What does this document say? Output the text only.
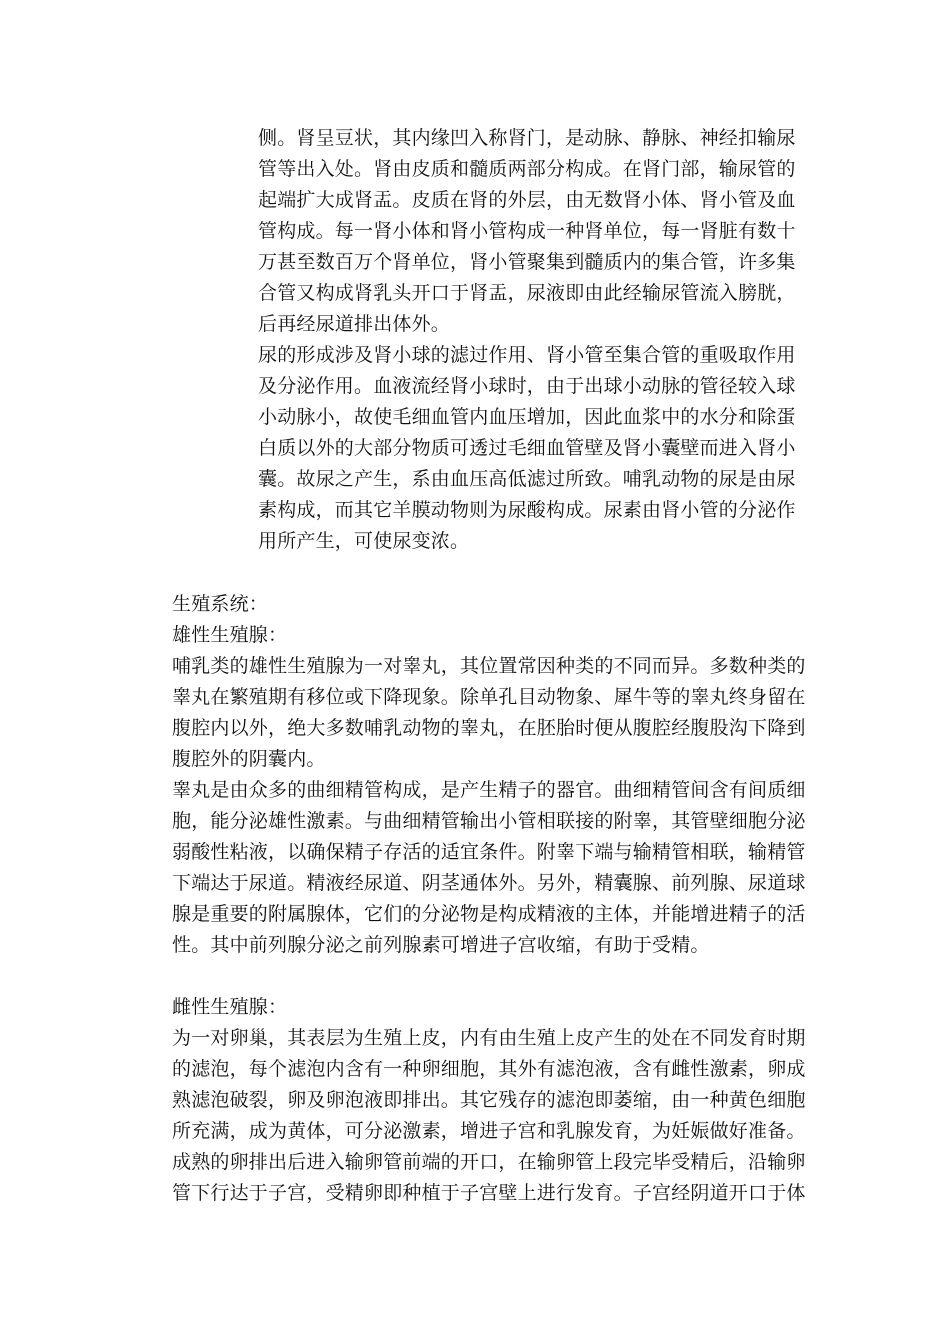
侧。肾呈豆状，其内缘凹入称肾门，是动脉、静脉、神经扣输尿
管等出入处。肾由皮质和髓质两部分构成。在肾门部，输尿管的
起端扩大成肾盂。皮质在肾的外层，由无数肾小体、肾小管及血
管构成。每一肾小体和肾小管构成一种肾单位，每一肾脏有数十
万甚至数百万个肾单位，肾小管聚集到髓质内的集合管，许多集
合管又构成肾乳头开口于肾盂，尿液即由此经输尿管流入膀胱，
后再经尿道排出体外。
尿的形成涉及肾小球的滤过作用、肾小管至集合管的重吸取作用
及分泌作用。血液流经肾小球时，由于出球小动脉的管径较入球
小动脉小，故使毛细血管内血压增加，因此血浆中的水分和除蛋
白质以外的大部分物质可透过毛细血管壁及肾小囊壁而进入肾小
囊。故尿之产生，系由血压高低滤过所致。哺乳动物的尿是由尿
素构成，而其它羊膜动物则为尿酸构成。尿素由肾小管的分泌作
用所产生，可使尿变浓。
生殖系统：
雄性生殖腺：
哺乳类的雄性生殖腺为一对睾丸，其位置常因种类的不同而异。多数种类的
睾丸在繁殖期有移位或下降现象。除单孔目动物象、犀牛等的睾丸终身留在
腹腔内以外，绝大多数哺乳动物的睾丸，在胚胎时便从腹腔经腹股沟下降到
腹腔外的阴囊内。
睾丸是由众多的曲细精管构成，是产生精子的器官。曲细精管间含有间质细
胞，能分泌雄性激素。与曲细精管输出小管相联接的附睾，其管壁细胞分泌
弱酸性粘液，以确保精子存活的适宜条件。附睾下端与输精管相联，输精管
下端达于尿道。精液经尿道、阴茎通体外。另外，精囊腺、前列腺、尿道球
腺是重要的附属腺体，它们的分泌物是构成精液的主体，并能增进精子的活
性。其中前列腺分泌之前列腺素可增进子宫收缩，有助于受精。
雌性生殖腺：
为一对卵巢，其表层为生殖上皮，内有由生殖上皮产生的处在不同发育时期
的滤泡，每个滤泡内含有一种卵细胞，其外有滤泡液，含有雌性激素，卵成
熟滤泡破裂，卵及卵泡液即排出。其它残存的滤泡即萎缩，由一种黄色细胞
所充满，成为黄体，可分泌激素，增进子宫和乳腺发育，为妊娠做好准备。
成熟的卵排出后进入输卵管前端的开口，在输卵管上段完毕受精后，沿输卵
管下行达于子宫，受精卵即种植于子宫壁上进行发育。子宫经阴道开口于体
